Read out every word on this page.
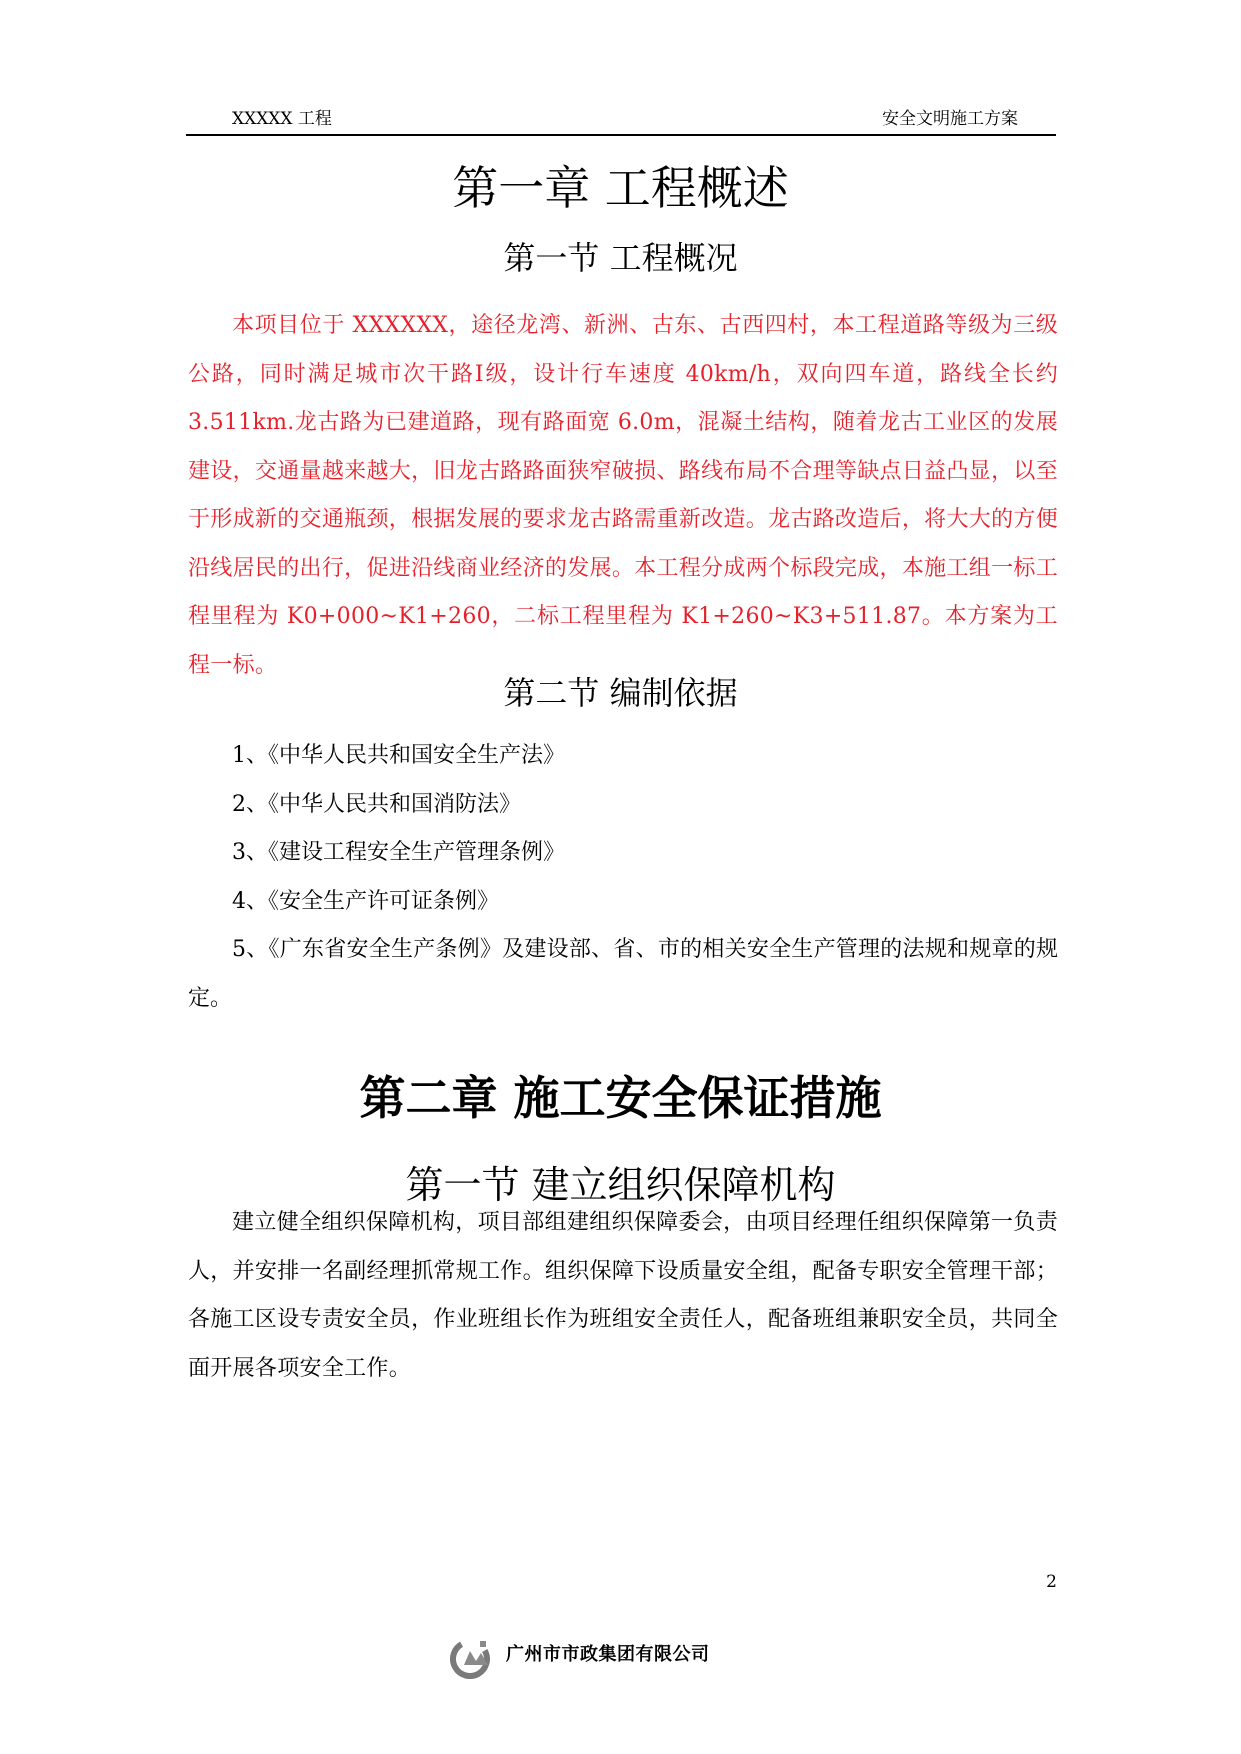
XXXXX 工程	安全文明施工方案
第一章 工程概述
第一节 工程概况

本项目位于 XXXXXX，途径龙湾、新洲、古东、古西四村，本工程道路等级为三级公路，同时满足城市次干路Ⅰ级，设计行车速度 40km/h，双向四车道，路线全长约 3.511km.龙古路为已建道路，现有路面宽 6.0m，混凝土结构，随着龙古工业区的发展建设，交通量越来越大，旧龙古路路面狭窄破损、路线布局不合理等缺点日益凸显，以至于形成新的交通瓶颈，根据发展的要求龙古路需重新改造。龙古路改造后，将大大的方便沿线居民的出行，促进沿线商业经济的发展。本工程分成两个标段完成，本施工组一标工程里程为 K0+000~K1+260，二标工程里程为 K1+260~K3+511.87。本方案为工程一标。

第二节 编制依据
1、《中华人民共和国安全生产法》
2、《中华人民共和国消防法》
3、《建设工程安全生产管理条例》
4、《安全生产许可证条例》
5、《广东省安全生产条例》及建设部、省、市的相关安全生产管理的法规和规章的规定。
第二章 施工安全保证措施
第一节 建立组织保障机构

建立健全组织保障机构，项目部组建组织保障委会，由项目经理任组织保障第一负责人，并安排一名副经理抓常规工作。组织保障下设质量安全组，配备专职安全管理干部；各施工区设专责安全员，作业班组长作为班组安全责任人，配备班组兼职安全员，共同全面开展各项安全工作。

2
广州市市政集团有限公司
